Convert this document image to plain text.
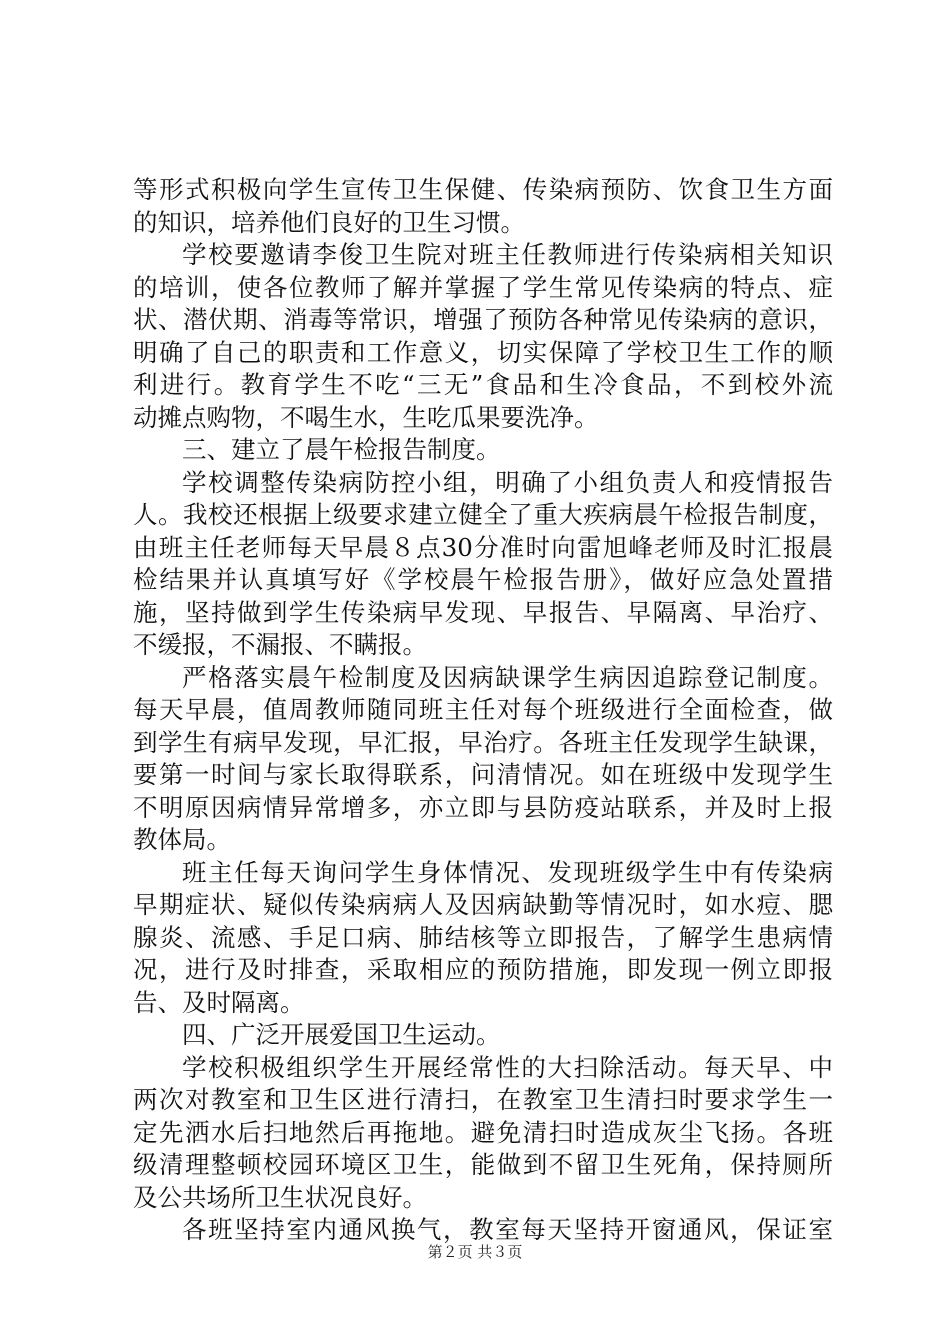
等形式积极向学生宣传卫生保健、传染病预防、饮食卫生方面
的知识，培养他们良好的卫生习惯。
学校要邀请李俊卫生院对班主任教师进行传染病相关知识
的培训，使各位教师了解并掌握了学生常见传染病的特点、症
状、潜伏期、消毒等常识，增强了预防各种常见传染病的意识，
明确了自己的职责和工作意义，切实保障了学校卫生工作的顺
利进行。教育学生不吃“三无”食品和生冷食品，不到校外流
动摊点购物，不喝生水，生吃瓜果要洗净。
三、建立了晨午检报告制度。
学校调整传染病防控小组，明确了小组负责人和疫情报告
人。我校还根据上级要求建立健全了重大疾病晨午检报告制度，
由班主任老师每天早晨８点30分准时向雷旭峰老师及时汇报晨
检结果并认真填写好《学校晨午检报告册》，做好应急处置措
施，坚持做到学生传染病早发现、早报告、早隔离、早治疗、
不缓报，不漏报、不瞒报。
严格落实晨午检制度及因病缺课学生病因追踪登记制度。
每天早晨，值周教师随同班主任对每个班级进行全面检查，做
到学生有病早发现，早汇报，早治疗。各班主任发现学生缺课，
要第一时间与家长取得联系，问清情况。如在班级中发现学生
不明原因病情异常增多，亦立即与县防疫站联系，并及时上报
教体局。
班主任每天询问学生身体情况、发现班级学生中有传染病
早期症状、疑似传染病病人及因病缺勤等情况时，如水痘、腮
腺炎、流感、手足口病、肺结核等立即报告，了解学生患病情
况，进行及时排查，采取相应的预防措施，即发现一例立即报
告、及时隔离。
四、广泛开展爱国卫生运动。
学校积极组织学生开展经常性的大扫除活动。每天早、中
两次对教室和卫生区进行清扫，在教室卫生清扫时要求学生一
定先洒水后扫地然后再拖地。避免清扫时造成灰尘飞扬。各班
级清理整顿校园环境区卫生，能做到不留卫生死角，保持厕所
及公共场所卫生状况良好。
各班坚持室内通风换气，教室每天坚持开窗通风，保证室
第２页 共３页
